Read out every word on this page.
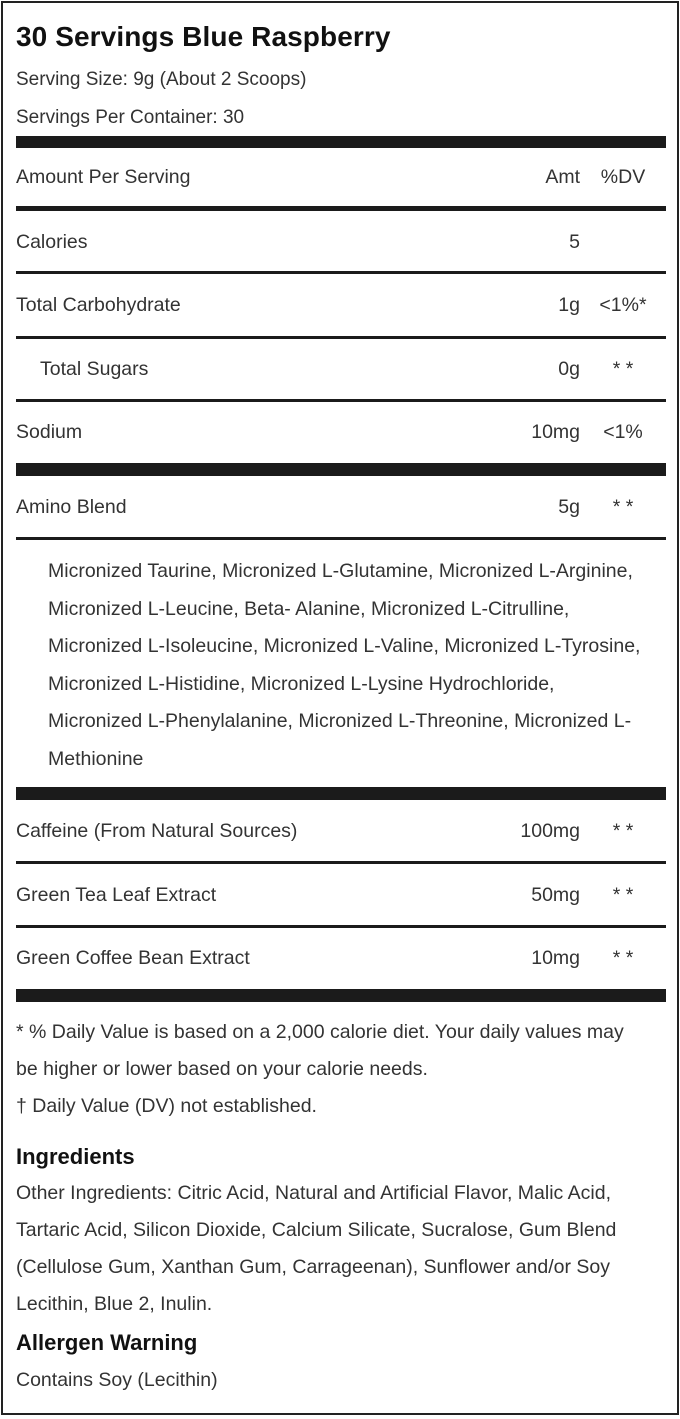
30 Servings Blue Raspberry
Serving Size: 9g (About 2 Scoops)
Servings Per Container: 30
Amount Per Serving	Amt	%DV
Calories	5
Total Carbohydrate	1g <1%*
Total Sugars	0g	* *
Sodium	10mg	<1%
Amino Blend	5g	* *
Micronized Taurine, Micronized L-Glutamine, Micronized L-Arginine,
Micronized L-Leucine, Beta- Alanine, Micronized L-Citrulline,
Micronized L-Isoleucine, Micronized L-Valine, Micronized L-Tyrosine,
Micronized L-Histidine, Micronized L-Lysine Hydrochloride,
Micronized L-Phenylalanine, Micronized L-Threonine, Micronized L-
Methionine
Caffeine (From Natural Sources)	100mg	* *
Green Tea Leaf Extract	50mg	* *
Green Coffee Bean Extract	10mg	* *
* % Daily Value is based on a 2,000 calorie diet. Your daily values may
be higher or lower based on your calorie needs.
† Daily Value (DV) not established.
Ingredients
Other Ingredients: Citric Acid, Natural and Artificial Flavor, Malic Acid,
Tartaric Acid, Silicon Dioxide, Calcium Silicate, Sucralose, Gum Blend
(Cellulose Gum, Xanthan Gum, Carrageenan), Sunflower and/or Soy
Lecithin, Blue 2, Inulin.
Allergen Warning
Contains Soy (Lecithin)
